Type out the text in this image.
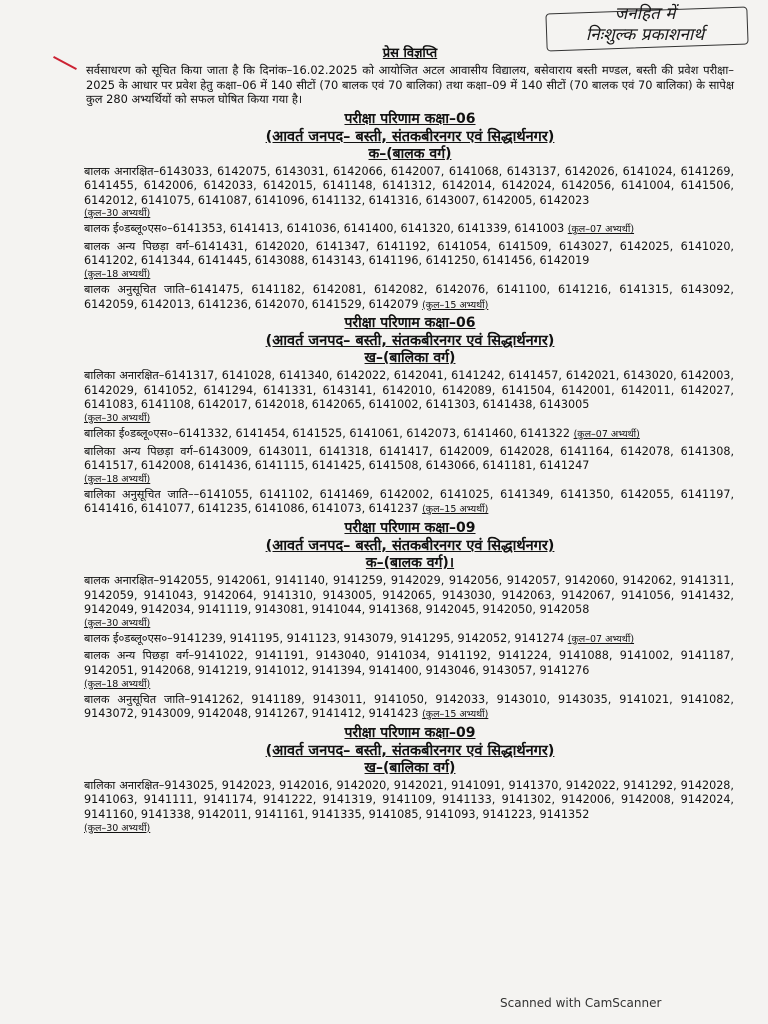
जनहित में
निःशुल्क प्रकाशनार्थ
प्रेस विज्ञप्ति
सर्वसाधरण को सूचित किया जाता है कि दिनांक–16.02.2025 को आयोजित अटल आवासीय विद्यालय, बसेवाराय बस्ती मण्डल, बस्ती की प्रवेश परीक्षा–2025 के आधार पर प्रवेश हेतु कक्षा–06 में 140 सीटों (70 बालक एवं 70 बालिका) तथा कक्षा–09 में 140 सीटों (70 बालक एवं 70 बालिका) के सापेक्ष कुल 280 अभ्यर्थियों को सफल घोषित किया गया है।
परीक्षा परिणाम कक्षा–06
(आवर्त जनपद– बस्ती, संतकबीरनगर एवं सिद्धार्थनगर)
क–(बालक वर्ग)
बालक अनारक्षित–6143033, 6142075, 6143031, 6142066, 6142007, 6141068, 6143137, 6142026, 6141024, 6141269, 6141455, 6142006, 6142033, 6142015, 6141148, 6141312, 6142014, 6142024, 6142056, 6141004, 6141506, 6142012, 6141075, 6141087, 6141096, 6141132, 6141316, 6143007, 6142005, 6142023
(कुल–30 अभ्यर्थी)
बालक ई०डब्लू०एस०–6141353, 6141413, 6141036, 6141400, 6141320, 6141339, 6141003 (कुल–07 अभ्यर्थी)
बालक अन्य पिछड़ा वर्ग–6141431, 6142020, 6141347, 6141192, 6141054, 6141509, 6143027, 6142025, 6141020, 6141202, 6141344, 6141445, 6143088, 6143143, 6141196, 6141250, 6141456, 6142019
(कुल–18 अभ्यर्थी)
बालक अनुसूचित जाति–6141475, 6141182, 6142081, 6142082, 6142076, 6141100, 6141216, 6141315, 6143092, 6142059, 6142013, 6141236, 6142070, 6141529, 6142079 (कुल–15 अभ्यर्थी)
परीक्षा परिणाम कक्षा–06
(आवर्त जनपद– बस्ती, संतकबीरनगर एवं सिद्धार्थनगर)
ख–(बालिका वर्ग)
बालिका अनारक्षित–6141317, 6141028, 6141340, 6142022, 6142041, 6141242, 6141457, 6142021, 6143020, 6142003, 6142029, 6141052, 6141294, 6141331, 6143141, 6142010, 6142089, 6141504, 6142001, 6142011, 6142027, 6141083, 6141108, 6142017, 6142018, 6142065, 6141002, 6141303, 6141438, 6143005
(कुल–30 अभ्यर्थी)
बालिका ई०डब्लू०एस०–6141332, 6141454, 6141525, 6141061, 6142073, 6141460, 6141322 (कुल–07 अभ्यर्थी)
बालिका अन्य पिछड़ा वर्ग–6143009, 6143011, 6141318, 6141417, 6142009, 6142028, 6141164, 6142078, 6141308, 6141517, 6142008, 6141436, 6141115, 6141425, 6141508, 6143066, 6141181, 6141247
(कुल–18 अभ्यर्थी)
बालिका अनुसूचित जाति––6141055, 6141102, 6141469, 6142002, 6141025, 6141349, 6141350, 6142055, 6141197, 6141416, 6141077, 6141235, 6141086, 6141073, 6141237 (कुल–15 अभ्यर्थी)
परीक्षा परिणाम कक्षा–09
(आवर्त जनपद– बस्ती, संतकबीरनगर एवं सिद्धार्थनगर)
क–(बालक वर्ग)।
बालक अनारक्षित–9142055, 9142061, 9141140, 9141259, 9142029, 9142056, 9142057, 9142060, 9142062, 9141311, 9142059, 9141043, 9142064, 9141310, 9143005, 9142065, 9143030, 9142063, 9142067, 9141056, 9141432, 9142049, 9142034, 9141119, 9143081, 9141044, 9141368, 9142045, 9142050, 9142058
(कुल–30 अभ्यर्थी)
बालक ई०डब्लू०एस०–9141239, 9141195, 9141123, 9143079, 9141295, 9142052, 9141274 (कुल–07 अभ्यर्थी)
बालक अन्य पिछड़ा वर्ग–9141022, 9141191, 9143040, 9141034, 9141192, 9141224, 9141088, 9141002, 9141187, 9142051, 9142068, 9141219, 9141012, 9141394, 9141400, 9143046, 9143057, 9141276
(कुल–18 अभ्यर्थी)
बालक अनुसूचित जाति–9141262, 9141189, 9143011, 9141050, 9142033, 9143010, 9143035, 9141021, 9141082, 9143072, 9143009, 9142048, 9141267, 9141412, 9141423 (कुल–15 अभ्यर्थी)
परीक्षा परिणाम कक्षा–09
(आवर्त जनपद– बस्ती, संतकबीरनगर एवं सिद्धार्थनगर)
ख–(बालिका वर्ग)
बालिका अनारक्षित–9143025, 9142023, 9142016, 9142020, 9142021, 9141091, 9141370, 9142022, 9141292, 9142028, 9141063, 9141111, 9141174, 9141222, 9141319, 9141109, 9141133, 9141302, 9142006, 9142008, 9142024, 9141160, 9141338, 9142011, 9141161, 9141335, 9141085, 9141093, 9141223, 9141352
(कुल–30 अभ्यर्थी)
Scanned with CamScanner
